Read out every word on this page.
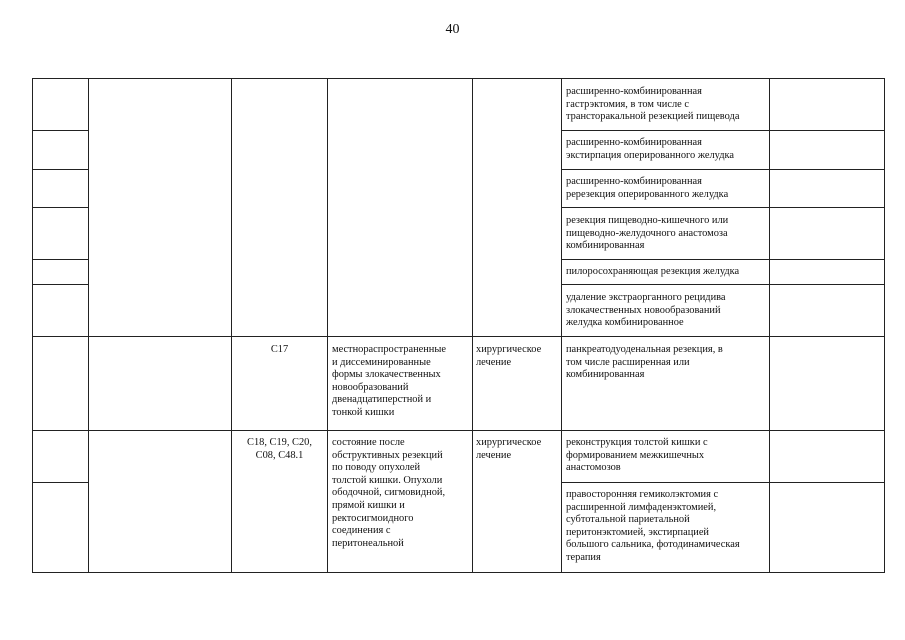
40
расширенно-комбинированная
гастрэктомия, в том числе с
трансторакальной резекцией пищевода
расширенно-комбинированная
экстирпация оперированного желудка
расширенно-комбинированная
ререзекция оперированного желудка
резекция пищеводно-кишечного или
пищеводно-желудочного анастомоза
комбинированная
пилоросохраняющая резекция желудка
удаление экстраорганного рецидива
злокачественных новообразований
желудка комбинированное
C17	местнораспространенные
и диссеминированные
формы злокачественных
новообразований
двенадцатиперстной и
тонкой кишки
хирургическое
лечение
панкреатодуоденальная резекция, в
том числе расширенная или
комбинированная
C18, C19, C20,
C08, C48.1
состояние после
обструктивных резекций
по поводу опухолей
толстой кишки. Опухоли
ободочной, сигмовидной,
прямой кишки и
ректосигмоидного
соединения с
перитонеальной
хирургическое
лечение
реконструкция толстой кишки с
формированием межкишечных
анастомозов
правосторонняя гемиколэктомия с
расширенной лимфаденэктомией,
субтотальной париетальной
перитонэктомией, экстирпацией
большого сальника, фотодинамическая
терапия
